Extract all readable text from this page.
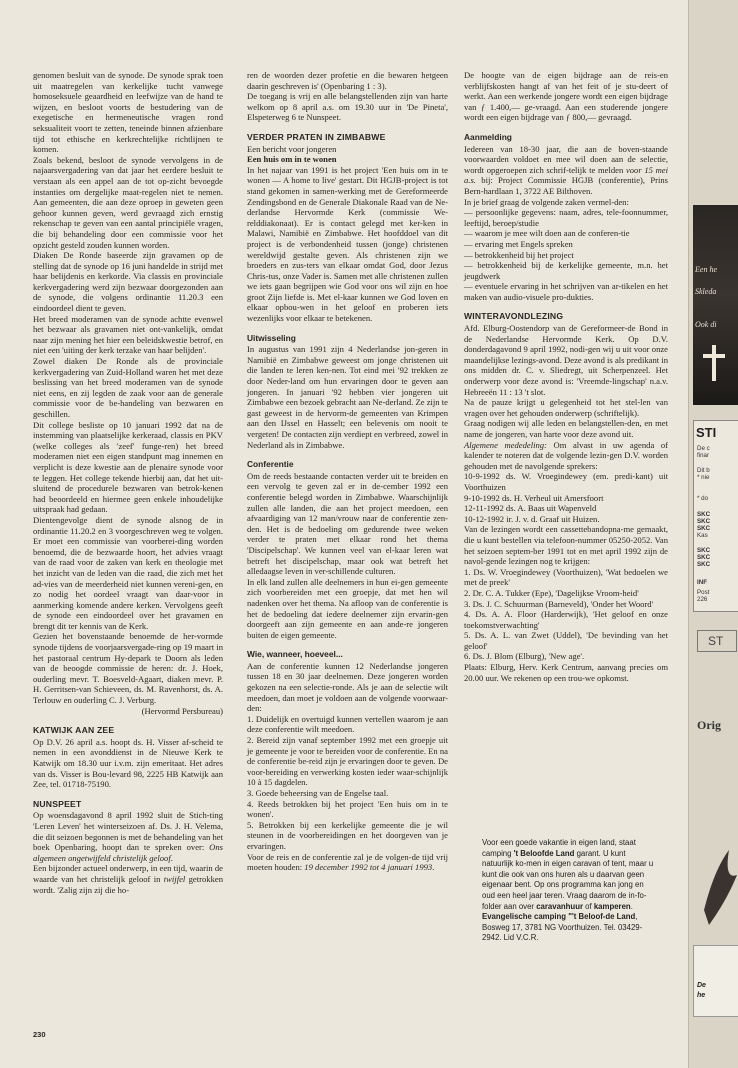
genomen besluit van de synode. De synode sprak toen uit maatregelen van kerkelijke tucht vanwege homoseksuele geaardheid en leefwijze van de hand te wijzen, en besloot voorts de bestudering van de exegetische en hermeneutische vragen rond seksualiteit voort te zetten, teneinde binnen afzienbare tijd tot ethische en kerkrechtelijke richtlijnen te komen.

Zoals bekend, besloot de synode vervolgens in de najaarsvergadering van dat jaar het eerdere besluit te verstaan als een appel aan de tot op-zicht bevoegde instanties om dergelijke maat-regelen niet te nemen. Aan gemeenten, die aan deze oproep in geweten geen gehoor kunnen geven, werd gevraagd zich ernstig rekenschap te geven van een aantal principiële vragen, die bij behandeling door een commissie voor het opzicht gesteld zouden kunnen worden.

Diaken De Ronde baseerde zijn gravamen op de stelling dat de synode op 16 juni handelde in strijd met haar belijdenis en kerkorde. Via classis en provinciale kerkvergadering werd zijn bezwaar doorgezonden aan de synode, die volgens ordinantie 11.20.3 een eindoordeel dient te geven.

Het breed moderamen van de synode achtte evenwel het bezwaar als gravamen niet ont-vankelijk, omdat naar zijn mening het hier een beleidskwestie betrof, en niet een 'uiting der kerk terzake van haar belijden'.

Zowel diaken De Ronde als de provinciale kerkvergadering van Zuid-Holland waren het met deze beslissing van het breed moderamen van de synode niet eens, en zij legden de zaak voor aan de generale commissie voor de be-handeling van bezwaren en geschillen.

Dit college besliste op 10 januari 1992 dat na de instemming van plaatselijke kerkeraad, classis en PKV (welke colleges als 'zeef' funge-ren) het breed moderamen niet een eigen standpunt mag innemen en verplicht is deze kwestie aan de plenaire synode voor te leggen. Het college tekende hierbij aan, dat het uit-sluitend de procedurele bezwaren van betrok-kenen had beoordeeld en hiermee geen enkele inhoudelijke uitspraak had gedaan.

Dientengevolge dient de synode alsnog de in ordinantie 11.20.2 en 3 voorgeschreven weg te volgen. Er moet een commissie van voorberei-ding worden benoemd, die de bezwaarde hoort, het advies vraagt van de raad voor de zaken van kerk en theologie met het inzicht van de leden van die raad, die zich met het ad-vies van de meerderheid niet kunnen vereni-gen, en zo nodig het oordeel vraagt van daar-voor in aanmerking komende andere kerken. Vervolgens geeft de synode een eindoordeel over het gravamen en brengt dit ter kennis van de Kerk.

Gezien het bovenstaande benoemde de her-vormde synode tijdens de voorjaarsvergade-ring op 19 maart in het pastoraal centrum Hy-depark te Doorn als leden van de beoogde commissie de heren: dr. J. Hoek, ouderling mevr. T. Boesveld-Agaart, diaken mevr. P. H. Gerritsen-van Schieveen, ds. M. Ravenhorst, ds. A. Terlouw en ouderling C. J. Verburg.

(Hervormd Persbureau)

KATWIJK AAN ZEE

Op D.V. 26 april a.s. hoopt ds. H. Visser af-scheid te nemen in een avonddienst in de Nieuwe Kerk te Katwijk om 18.30 uur i.v.m. zijn emeritaat. Het adres van ds. Visser is Bou-levard 98, 2225 HB Katwijk aan Zee, tel. 01718-75190.

NUNSPEET

Op woensdagavond 8 april 1992 sluit de Stich-ting 'Leren Leven' het winterseizoen af. Ds. J. H. Velema, die dit seizoen begonnen is met de behandeling van het boek Openbaring, hoopt dan te spreken over: Ons algemeen ongetwijfeld christelijk geloof.

Een bijzonder actueel onderwerp, in een tijd, waarin de waarde van het christelijk geloof in twijfel getrokken wordt. 'Zalig zijn zij die ho-

ren de woorden dezer profetie en die bewaren hetgeen daarin geschreven is' (Openbaring 1 : 3).

De toegang is vrij en alle belangstellenden zijn van harte welkom op 8 april a.s. om 19.30 uur in 'De Pineta', Elspeterweg 6 te Nunspeet.

VERDER PRATEN IN ZIMBABWE

Een bericht voor jongeren

Een huis om in te wonen

In het najaar van 1991 is het project 'Een huis om in te wonen — A home to live' gestart. Dit HGJB-project is tot stand gekomen in samen-werking met de Gereformeerde Zendingsbond en de Generale Diakonale Raad van de Ne-derlandse Hervormde Kerk (commissie We-relddiakonaat). Er is contact gelegd met ker-ken in Malawi, Namibië en Zimbabwe. Het hoofddoel van dit project is de verbondenheid tussen (jonge) christenen wereldwijd gestalte geven. Als christenen zijn we broeders en zus-ters van elkaar omdat God, door Jezus Chris-tus, onze Vader is. Samen met alle christenen zullen we iets gaan begrijpen wie God voor ons wil zijn en hoe groot Zijn liefde is. Met el-kaar kunnen we God loven en elkaar opbou-wen in het geloof en proberen iets wezenlijks voor elkaar te betekenen.

Uitwisseling

In augustus van 1991 zijn 4 Nederlandse jon-geren in Namibië en Zimbabwe geweest om jonge christenen uit die landen te leren ken-nen. Tot eind mei '92 trekken ze door Neder-land om hun ervaringen door te geven aan jongeren. In januari '92 hebben vier jongeren uit Zimbabwe een bezoek gebracht aan Ne-derland. Ze zijn te gast geweest in de hervorm-de gemeenten van Krimpen aan den IJssel en Hasselt; een belevenis om nooit te vergeten! De contacten zijn verdiept en verbreed, zowel in Nederland als in Zimbabwe.

Conferentie

Om de reeds bestaande contacten verder uit te breiden en een vervolg te geven zal er in de-cember 1992 een conferentie belegd worden in Zimbabwe. Waarschijnlijk zullen alle landen, die aan het project meedoen, een afvaardiging van 12 man/vrouw naar de conferentie zen-den. Het is de bedoeling om gedurende twee weken verder te praten met elkaar rond het thema 'Discipelschap'. We kunnen veel van el-kaar leren wat betreft het discipelschap, maar ook wat betreft het alledaagse leven in ver-schillende culturen.

In elk land zullen alle deelnemers in hun ei-gen gemeente zich voorbereiden met een groepje, dat met hen wil nadenken over het thema. Na afloop van de conferentie is het de bedoeling dat iedere deelnemer zijn ervarin-gen doorgeeft aan zijn gemeente en aan ande-re jongeren buiten de eigen gemeente.

Wie, wanneer, hoeveel...

Aan de conferentie kunnen 12 Nederlandse jongeren tussen 18 en 30 jaar deelnemen. Deze jongeren worden gekozen na een selectie-ronde. Als je aan de selectie wilt meedoen, dan moet je voldoen aan de volgende voorwaar-den:

1. Duidelijk en overtuigd kunnen vertellen waarom je aan deze conferentie wilt meedoen.

2. Bereid zijn vanaf september 1992 met een groepje uit je gemeente je voor te bereiden voor de conferentie. En na de conferentie be-reid zijn je ervaringen door te geven. De voor-bereiding en verwerking kosten ieder waar-schijnlijk 10 à 15 dagdelen.

3. Goede beheersing van de Engelse taal.

4. Reeds betrokken bij het project 'Een huis om in te wonen'.

5. Betrokken bij een kerkelijke gemeente die je wil steunen in de voorbereidingen en het doorgeven van je ervaringen.

Voor de reis en de conferentie zal je de volgen-de tijd vrij moeten houden: 19 december 1992 tot 4 januari 1993.

De hoogte van de eigen bijdrage aan de reis-en verblijfskosten hangt af van het feit of je stu-deert of werkt. Aan een werkende jongere wordt een eigen bijdrage van ƒ 1.400,— ge-vraagd. Aan een studerende jongere wordt een eigen bijdrage van ƒ 800,— gevraagd.

Aanmelding

Iedereen van 18-30 jaar, die aan de boven-staande voorwaarden voldoet en mee wil doen aan de selectie, wordt opgeroepen zich schrif-telijk te melden voor 15 mei a.s. bij: Project Commissie HGJB (conferentie), Prins Bern-hardlaan 1, 3722 AE Bilthoven.

In je brief graag de volgende zaken vermel-den:

— persoonlijke gegevens: naam, adres, tele-foonnummer, leeftijd, beroep/studie

— waarom je mee wilt doen aan de conferen-tie

— ervaring met Engels spreken

— betrokkenheid bij het project

— betrokkenheid bij de kerkelijke gemeente, m.n. het jeugdwerk

— eventuele ervaring in het schrijven van ar-tikelen en het maken van audio-visuele pro-dukties.

WINTERAVONDLEZING

Afd. Elburg-Oostendorp van de Gereformeer-de Bond in de Nederlandse Hervormde Kerk. Op D.V. donderdagavond 9 april 1992, nodi-gen wij u uit voor onze maandelijkse lezings-avond. Deze avond is als predikant in ons midden dr. C. v. Sliedregt, uit Scherpenzeel. Het onderwerp voor deze avond is: 'Vreemde-lingschap' n.a.v. Hebreeën 11 : 13 't slot.

Na de pauze krijgt u gelegenheid tot het stel-len van vragen over het gehouden onderwerp (schriftelijk).

Graag nodigen wij alle leden en belangstellen-den, en met name de jongeren, van harte voor deze avond uit.

Algemene mededeling: Om alvast in uw agenda of kalender te noteren dat de volgende lezin-gen D.V. worden gehouden met de navolgende sprekers:

10-9-1992 ds. W. Vroegindewey (em. predi-kant) uit Voorthuizen

9-10-1992 ds. H. Verheul uit Amersfoort

12-11-1992 ds. A. Baas uit Wapenveld

10-12-1992 ir. J. v. d. Graaf uit Huizen.

Van de lezingen wordt een cassettebandopna-me gemaakt, die u kunt bestellen via telefoon-nummer 05250-2052. Van het seizoen septem-ber 1991 tot en met april 1992 zijn de navol-gende lezingen nog te krijgen:

1. Ds. W. Vroegindewey (Voorthuizen), 'Wat bedoelen we met de preek'

2. Dr. C. A. Tukker (Epe), 'Dagelijkse Vroom-heid'

3. Ds. J. C. Schuurman (Barneveld), 'Onder het Woord'

4. Ds. A. A. Floor (Harderwijk), 'Het geloof en onze toekomstverwachting'

5. Ds. A. L. van Zwet (Uddel), 'De bevinding van het geloof'

6. Ds. J. Blom (Elburg), 'New age'.

Plaats: Elburg, Herv. Kerk Centrum, aanvang precies om 20.00 uur. We rekenen op een trou-we opkomst.

Voor een goede vakantie in eigen land, staat camping 't Beloofde Land garant. U kunt natuurlijk ko-men in eigen caravan of tent, maar u kunt die ook van ons huren als u daarvan geen eigenaar bent. Op ons programma kan jong en oud een heel jaar teren. Vraag daarom de in-fo-folder aan over caravanhuur of kamperen.
Evangelische camping "'t Beloof-de Land, Bosweg 17, 3781 NG Voorthuizen. Tel. 03429-2942. Lid V.C.R.
230
Een he
Skleda
Ook di
STI
De c
finar
Dit b
* nie
* do
SKC
SKC
SKC
Kas
SKC
SKC
SKC
INF
Post
226
ST
Orig
De
he
